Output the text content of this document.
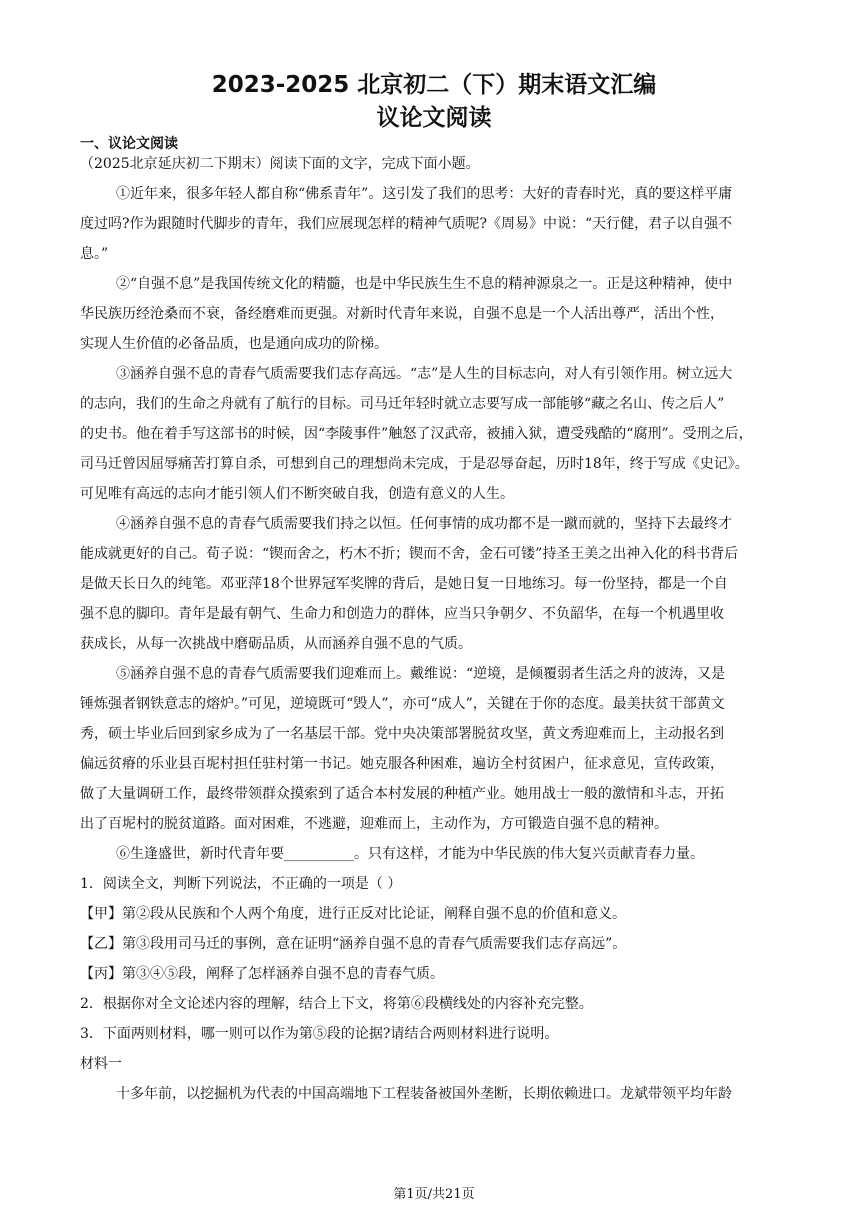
2023-2025 北京初二（下）期末语文汇编
议论文阅读

一、议论文阅读

（2025北京延庆初二下期末）阅读下面的文字，完成下面小题。

①近年来，很多年轻人都自称“佛系青年”。这引发了我们的思考：大好的青春时光，真的要这样平庸

度过吗?作为跟随时代脚步的青年，我们应展现怎样的精神气质呢?《周易》中说：“天行健，君子以自强不

息。”

②“自强不息”是我国传统文化的精髓，也是中华民族生生不息的精神源泉之一。正是这种精神，使中

华民族历经沧桑而不衰，备经磨难而更强。对新时代青年来说，自强不息是一个人活出尊严，活出个性，

实现人生价值的必备品质，也是通向成功的阶梯。

③涵养自强不息的青春气质需要我们志存高远。“志”是人生的目标志向，对人有引领作用。树立远大

的志向，我们的生命之舟就有了航行的目标。司马迁年轻时就立志要写成一部能够“藏之名山、传之后人”

的史书。他在着手写这部书的时候，因“李陵事件”触怒了汉武帝，被捕入狱，遭受残酷的“腐刑”。受刑之后，

司马迁曾因屈辱痛苦打算自杀，可想到自己的理想尚未完成，于是忍辱奋起，历时18年，终于写成《史记》。

可见唯有高远的志向才能引领人们不断突破自我，创造有意义的人生。

④涵养自强不息的青春气质需要我们持之以恒。任何事情的成功都不是一蹴而就的，坚持下去最终才

能成就更好的自己。荀子说：“锲而舍之，朽木不折；锲而不舍，金石可镂”持圣王美之出神入化的科书背后

是做天长日久的纯笔。邓亚萍18个世界冠军奖牌的背后，是她日复一日地练习。每一份坚持，都是一个自

强不息的脚印。青年是最有朝气、生命力和创造力的群体，应当只争朝夕、不负韶华，在每一个机遇里收

获成长，从每一次挑战中磨砺品质，从而涵养自强不息的气质。

⑤涵养自强不息的青春气质需要我们迎难而上。戴维说：“逆境，是倾覆弱者生活之舟的波涛，又是

锤炼强者钢铁意志的熔炉。”可见，逆境既可“毁人”，亦可“成人”，关键在于你的态度。最美扶贫干部黄文

秀，硕士毕业后回到家乡成为了一名基层干部。党中央决策部署脱贫攻坚，黄文秀迎难而上，主动报名到

偏远贫瘠的乐业县百坭村担任驻村第一书记。她克服各种困难，遍访全村贫困户，征求意见，宣传政策，

做了大量调研工作，最终带领群众摸索到了适合本村发展的种植产业。她用战士一般的激情和斗志，开拓

出了百坭村的脱贫道路。面对困难，不逃避，迎难而上，主动作为，方可锻造自强不息的精神。

⑥生逢盛世，新时代青年要__________。只有这样，才能为中华民族的伟大复兴贡献青春力量。

1．阅读全文，判断下列说法，不正确的一项是（ ）

【甲】第②段从民族和个人两个角度，进行正反对比论证，阐释自强不息的价值和意义。

【乙】第③段用司马迁的事例，意在证明“涵养自强不息的青春气质需要我们志存高远”。

【丙】第③④⑤段，阐释了怎样涵养自强不息的青春气质。

2．根据你对全文论述内容的理解，结合上下文，将第⑥段横线处的内容补充完整。

3．下面两则材料，哪一则可以作为第⑤段的论据?请结合两则材料进行说明。

材料一

十多年前，以挖掘机为代表的中国高端地下工程装备被国外垄断，长期依赖进口。龙斌带领平均年龄

第1页/共21页
